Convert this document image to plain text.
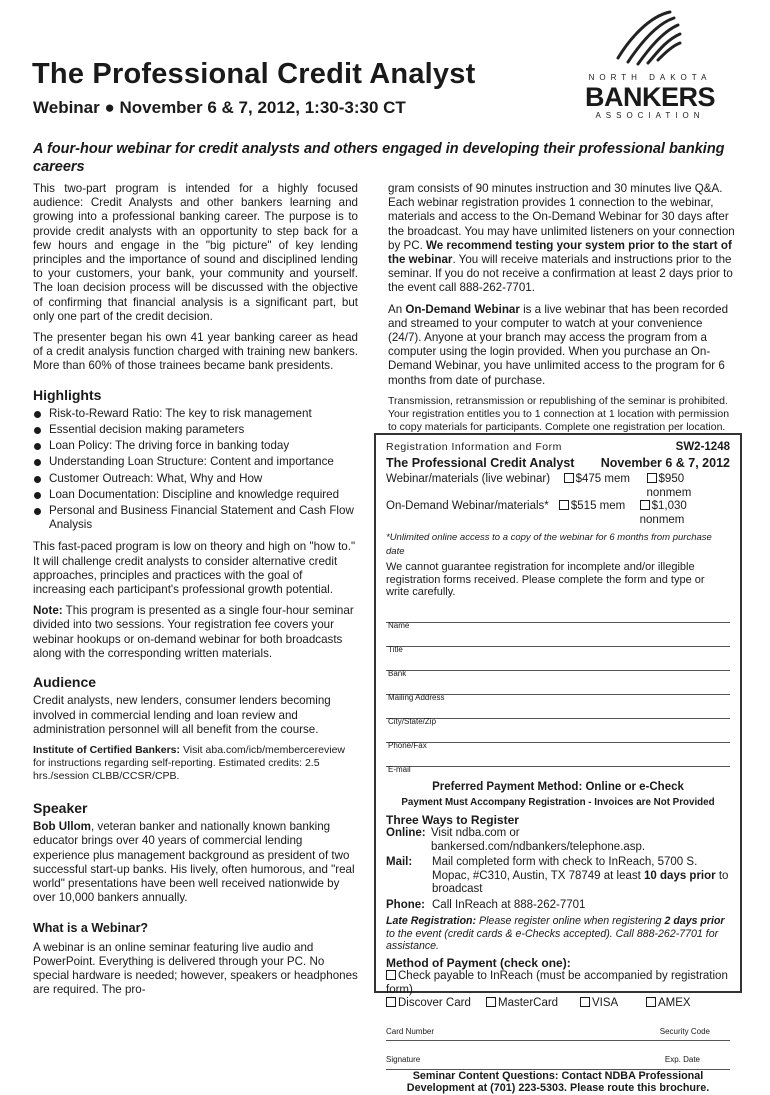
The Professional Credit Analyst
Webinar ● November 6 & 7, 2012, 1:30-3:30 CT
NORTH DAKOTA
BANKERS
ASSOCIATION
A four-hour webinar for credit analysts and others engaged in developing their professional banking careers

This two-part program is intended for a highly focused audience: Credit Analysts and other bankers learning and growing into a professional banking career. The purpose is to provide credit analysts with an opportunity to step back for a few hours and engage in the "big picture" of key lending principles and the importance of sound and disciplined lending to your customers, your bank, your community and yourself. The loan decision process will be discussed with the objective of confirming that financial analysis is a significant part, but only one part of the credit decision.

The presenter began his own 41 year banking career as head of a credit analysis function charged with training new bankers. More than 60% of those trainees became bank presidents.

Highlights
Risk-to-Reward Ratio: The key to risk management
Essential decision making parameters
Loan Policy: The driving force in banking today
Understanding Loan Structure: Content and importance
Customer Outreach: What, Why and How
Loan Documentation: Discipline and knowledge required
Personal and Business Financial Statement and Cash Flow Analysis

This fast-paced program is low on theory and high on "how to." It will challenge credit analysts to consider alternative credit approaches, principles and practices with the goal of increasing each participant's professional growth potential.

Note: This program is presented as a single four-hour seminar divided into two sessions. Your registration fee covers your webinar hookups or on-demand webinar for both broadcasts along with the corresponding written materials.

Audience

Credit analysts, new lenders, consumer lenders becoming involved in commercial lending and loan review and administration personnel will all benefit from the course.

Institute of Certified Bankers: Visit aba.com/icb/membercereview for instructions regarding self-reporting. Estimated credits: 2.5 hrs./session CLBB/CCSR/CPB.

Speaker

Bob Ullom, veteran banker and nationally known banking educator brings over 40 years of commercial lending experience plus management background as president of two successful start-up banks. His lively, often humorous, and "real world" presentations have been well received nationwide by over 10,000 bankers annually.

What is a Webinar?

A webinar is an online seminar featuring live audio and PowerPoint. Everything is delivered through your PC. No special hardware is needed; however, speakers or headphones are required. The pro-

gram consists of 90 minutes instruction and 30 minutes live Q&A. Each webinar registration provides 1 connection to the webinar, materials and access to the On-Demand Webinar for 30 days after the broadcast. You may have unlimited listeners on your connection by PC. We recommend testing your system prior to the start of the webinar. You will receive materials and instructions prior to the seminar. If you do not receive a confirmation at least 2 days prior to the event call 888-262-7701.

An On-Demand Webinar is a live webinar that has been recorded and streamed to your computer to watch at your convenience (24/7). Anyone at your branch may access the program from a computer using the login provided. When you purchase an On-Demand Webinar, you have unlimited access to the program for 6 months from date of purchase.

Transmission, retransmission or republishing of the seminar is prohibited. Your registration entitles you to 1 connection at 1 location with permission to copy materials for participants. Complete one registration per location.

Registration Information and Form	SW2-1248
The Professional Credit Analyst November 6 & 7, 2012
Webinar/materials (live webinar)	$475 mem	$950 nonmem
On-Demand Webinar/materials*	$515 mem	$1,030 nonmem
*Unlimited online access to a copy of the webinar for 6 months from purchase date
We cannot guarantee registration for incomplete and/or illegible registration forms received. Please complete the form and type or write carefully.
Name
Title
Bank
Mailing Address
City/State/Zip
Phone/Fax
E-mail
Preferred Payment Method: Online or e-Check
Payment Must Accompany Registration - Invoices are Not Provided
Three Ways to Register
Online: Visit ndba.com or bankersed.com/ndbankers/telephone.asp.
Mail:	Mail completed form with check to InReach, 5700 S. Mopac, #C310, Austin, TX 78749 at least 10 days prior to broadcast
Phone: Call InReach at 888-262-7701
Late Registration: Please register online when registering 2 days prior to the event (credit cards & e-Checks accepted). Call 888-262-7701 for assistance.
Method of Payment (check one):
Check payable to InReach (must be accompanied by registration form)
Discover Card	MasterCard	VISA	AMEX
Card Number	Security Code
Signature	Exp. Date
Seminar Content Questions: Contact NDBA Professional Development at (701) 223-5303. Please route this brochure.
